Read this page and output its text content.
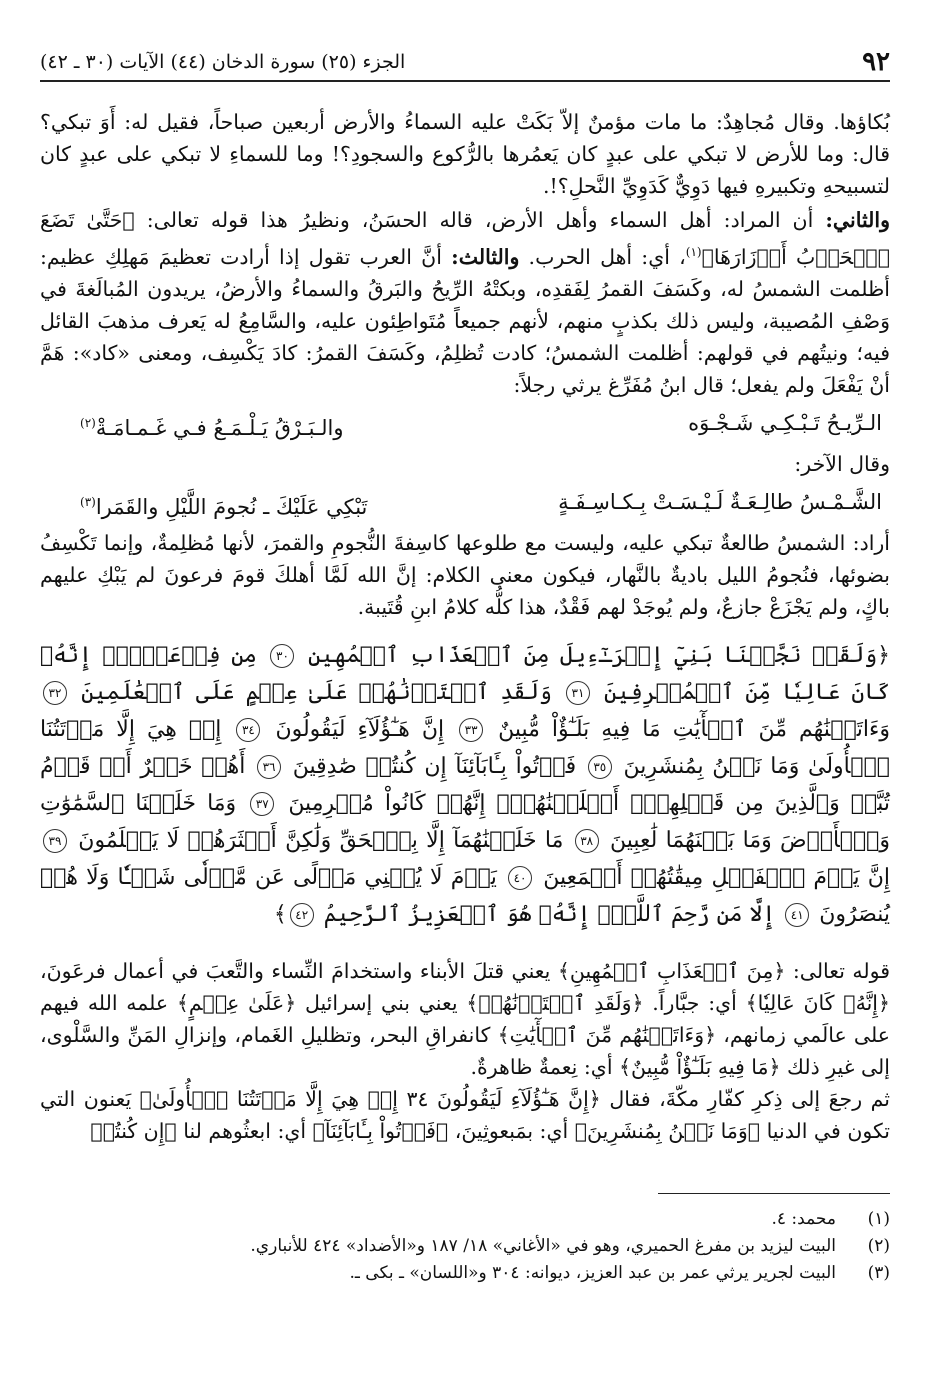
٩٢
الجزء (٢٥) سورة الدخان (٤٤) الآيات (٣٠ ـ ٤٢)

بُكاؤها. وقال مُجاهِدٌ: ما مات مؤمنٌ إلاّ بَكَتْ عليه السماءُ والأرض أربعين صباحاً، فقيل له: أَوَ تبكي؟ قال: وما للأرض لا تبكي على عبدٍ كان يَعمُرها بالرُّكوع والسجودِ؟! وما للسماءِ لا تبكي على عبدٍ كان لتسبيحهِ وتكبيرهِ فيها دَوِيٌّ كَدَوِيِّ النَّحلِ؟!.

والثاني: أن المراد: أهل السماء وأهل الأرض، قاله الحسَنُ، ونظيرُ هذا قوله تعالى: ﴿حَتَّىٰ تَضَعَ ٱلۡحَرۡبُ أَوۡزَارَهَا﴾$^{(١)}$، أي: أهل الحرب. والثالث: أنَّ العرب تقول إذا أرادت تعظيمَ مَهلِكِ عظيم: أظلمت الشمسُ له، وكَسَفَ القمرُ لِفَقدِه، وبكتْهُ الرِّيحُ والبَرقُ والسماءُ والأرضُ، يريدون المُبالَغةَ في وَصْفِ المُصيبة، وليس ذلك بكذبٍ منهم، لأنهم جميعاً مُتَواطِئون عليه، والسَّامِعُ له يَعرف مذهبَ القائل فيه؛ ونيتُهم في قولهم: أظلمت الشمسُ؛ كادت تُظلِمُ، وكَسَفَ القمرُ: كادَ يَكْسِف، ومعنى «كاد»: هَمَّ أنْ يَفْعَلَ ولم يفعل؛ قال ابنُ مُفَرِّغ يرثي رجلاً:

الـرِّيـحُ تَـبْـكِـي شَـجْـوَه
والـبَـرْقُ يَـلْـمَـعُ فـي غَـمـامَـةْ$^{(٢)}$

وقال الآخر:

الشَّـمْـسُ طالِـعَـةٌ لَـيْـسَـتْ بِـكـاسِـفَـةٍ
تَبْكِي عَلَيْكَ ـ نُجومَ اللَّيْلِ والقَمَرا$^{(٣)}$

أراد: الشمسُ طالعةٌ تبكي عليه، وليست مع طلوعها كاسِفةَ النُّجومِ والقمرَ، لأنها مُظلِمةٌ، وإنما تَكْسِفُ بضوئها، فنُجومُ الليل باديةٌ بالنَّهار، فيكون معنى الكلام: إنَّ الله لَمَّا أهلكَ قومَ فرعونَ لم يَبْكِ عليهم باكٍ، ولم يَجْزَعْ جازعٌ، ولم يُوجَدْ لهم فَقْدٌ، هذا كلُّه كلامُ ابنِ قُتَيبة.

﴿وَلَقَدۡ نَجَّيۡنَا بَنِيٓ إِسۡرَـٰٓءِيلَ مِنَ ٱلۡعَذَابِ ٱلۡمُهِينِ ٣٠ مِن فِرۡعَوۡنَۚ إِنَّهُۥ كَانَ عَالِيٗا مِّنَ ٱلۡمُسۡرِفِينَ ٣١ وَلَقَدِ ٱخۡتَرۡنَٰهُمۡ عَلَىٰ عِلۡمٍ عَلَى ٱلۡعَٰلَمِينَ ٣٢ وَءَاتَيۡنَٰهُم مِّنَ ٱلۡأٓيَٰتِ مَا فِيهِ بَلَـٰٓؤٌاْ مُّبِينٌ ٣٣ إِنَّ هَـٰٓؤُلَآءِ لَيَقُولُونَ ٣٤ إِنۡ هِيَ إِلَّا مَوۡتَتُنَا ٱلۡأُولَىٰ وَمَا نَحۡنُ بِمُنشَرِينَ ٣٥ فَأۡتُواْ بِـَٔابَآئِنَآ إِن كُنتُمۡ صَٰدِقِينَ ٣٦ أَهُمۡ خَيۡرٌ أَمۡ قَوۡمُ تُبَّعٖ وَٱلَّذِينَ مِن قَبۡلِهِمۡۚ أَهۡلَكۡنَٰهُمۡۖ إِنَّهُمۡ كَانُواْ مُجۡرِمِينَ ٣٧ وَمَا خَلَقۡنَا ٱلسَّمَٰوَٰتِ وَٱلۡأَرۡضَ وَمَا بَيۡنَهُمَا لَٰعِبِينَ ٣٨ مَا خَلَقۡنَٰهُمَآ إِلَّا بِٱلۡحَقِّ وَلَٰكِنَّ أَكۡثَرَهُمۡ لَا يَعۡلَمُونَ ٣٩ إِنَّ يَوۡمَ ٱلۡفَصۡلِ مِيقَٰتُهُمۡ أَجۡمَعِينَ ٤٠ يَوۡمَ لَا يُغۡنِي مَوۡلًى عَن مَّوۡلٗى شَيۡـٔٗا وَلَا هُمۡ يُنصَرُونَ ٤١ إِلَّا مَن رَّحِمَ ٱللَّهُۚ إِنَّهُۥ هُوَ ٱلۡعَزِيزُ ٱلرَّحِيمُ ٤٢﴾

قوله تعالى: ﴿مِنَ ٱلۡعَذَابِ ٱلۡمُهِينِ﴾ يعني قتلَ الأبناء واستخدامَ النِّساء والتَّعبَ في أعمال فرعَونَ، ﴿إِنَّهُۥ كَانَ عَالِيٗا﴾ أي: جبَّاراً. ﴿وَلَقَدِ ٱخۡتَرۡنَٰهُمۡ﴾ يعني بني إسرائيل ﴿عَلَىٰ عِلۡمٍ﴾ علمه الله فيهم على عالَمي زمانهم، ﴿وَءَاتَيۡنَٰهُم مِّنَ ٱلۡأٓيَٰتِ﴾ كانفراقِ البحر، وتظليلِ الغَمام، وإنزالِ المَنِّ والسَّلْوى، إلى غيرِ ذلك ﴿مَا فِيهِ بَلَـٰٓؤٌاْ مُّبِينٌ﴾ أي: نِعمةٌ ظاهرةٌ.

ثم رجعَ إلى ذِكرِ كفّارِ مكّةَ، فقال ﴿إِنَّ هَـٰٓؤُلَآءِ لَيَقُولُونَ ٣٤ إِنۡ هِيَ إِلَّا مَوۡتَتُنَا ٱلۡأُولَىٰ﴾ يَعنون التي تكون في الدنيا ﴿وَمَا نَحۡنُ بِمُنشَرِينَ﴾ أي: بمَبعوثِينَ، ﴿فَأۡتُواْ بِـَٔابَآئِنَآ﴾ أي: ابعثُوهم لنا ﴿إِن كُنتُمۡ

(١)
محمد: ٤.
(٢)
البيت ليزيد بن مفرغ الحميري، وهو في «الأغاني» ١٨/ ١٨٧ و«الأضداد» ٤٢٤ للأنباري.
(٣)
البيت لجرير يرثي عمر بن عبد العزيز، ديوانه: ٣٠٤ و«اللسان» ـ بكى ـ.
